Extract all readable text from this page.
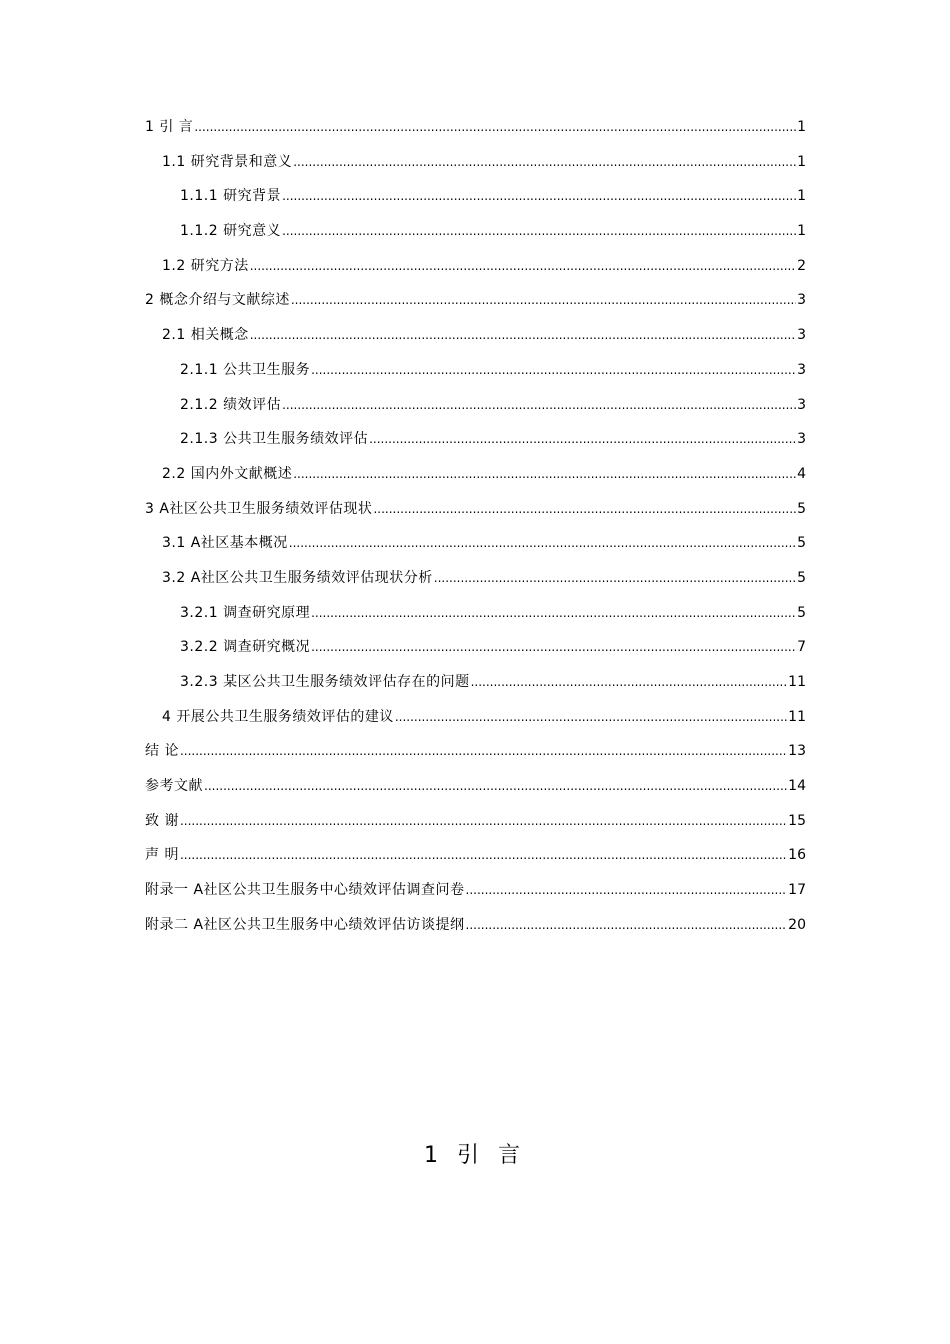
1 引 言 .....	1
1.1 研究背景和意义 .....	1
1.1.1 研究背景 .....	1
1.1.2 研究意义 .....	1
1.2 研究方法 .....	2
2 概念介绍与文献综述 .....	3
2.1 相关概念 .....	3
2.1.1 公共卫生服务 .....	3
2.1.2 绩效评估 .....	3
2.1.3 公共卫生服务绩效评估 .....	3
2.2 国内外文献概述 .....	4
3 A社区公共卫生服务绩效评估现状 .....	5
3.1 A社区基本概况 .....	5
3.2 A社区公共卫生服务绩效评估现状分析 .....	5
3.2.1 调查研究原理 .....	5
3.2.2 调查研究概况 .....	7
3.2.3 某区公共卫生服务绩效评估存在的问题 .....	11
4 开展公共卫生服务绩效评估的建议 .....	11
结 论 .....	13
参考文献 .....	14
致 谢 .....	15
声 明 .....	16
附录一 A社区公共卫生服务中心绩效评估调查问卷 .....	17
附录二 A社区公共卫生服务中心绩效评估访谈提纲 .....	20
1 引 言
